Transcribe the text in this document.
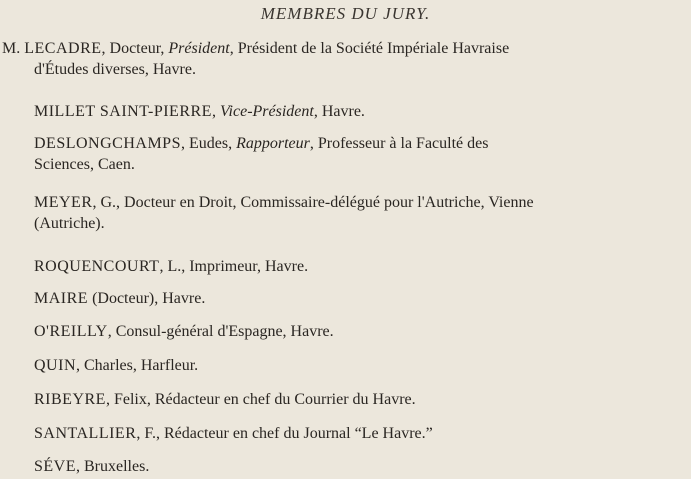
MEMBRES DU JURY.
M. LECADRE, Docteur, Président, Président de la Société Impériale Havraise
d'Études diverses, Havre.
MILLET SAINT-PIERRE, Vice-Président, Havre.
DESLONGCHAMPS, Eudes, Rapporteur, Professeur à la Faculté des
Sciences, Caen.
MEYER, G., Docteur en Droit, Commissaire-délégué pour l'Autriche, Vienne
(Autriche).
ROQUENCOURT, L., Imprimeur, Havre.
MAIRE (Docteur), Havre.
O'REILLY, Consul-général d'Espagne, Havre.
QUIN, Charles, Harfleur.
RIBEYRE, Felix, Rédacteur en chef du Courrier du Havre.
SANTALLIER, F., Rédacteur en chef du Journal “Le Havre.”
SÉVE, Bruxelles.
